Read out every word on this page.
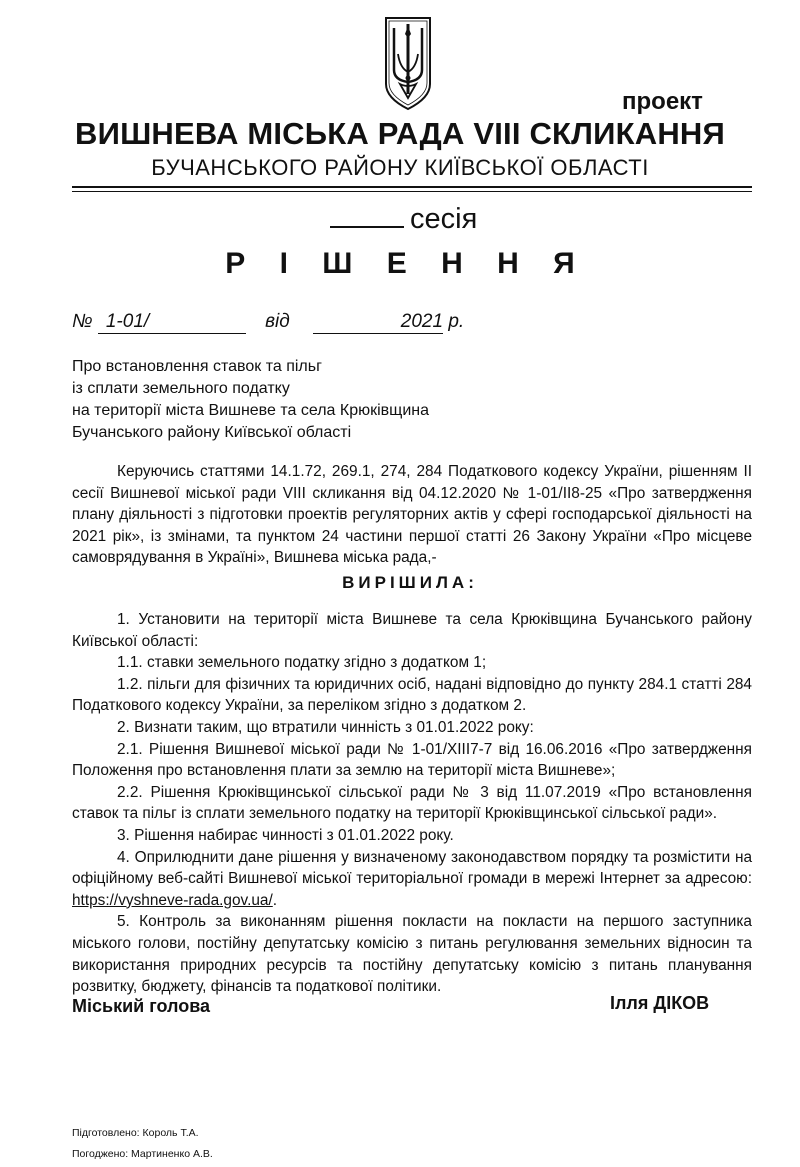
проект
ВИШНЕВА МІСЬКА РАДА VIII СКЛИКАННЯ
БУЧАНСЬКОГО РАЙОНУ КИЇВСЬКОЇ ОБЛАСТІ
сесія
Р І Ш Е Н Н Я
№ 1-01/	від	2021 р.
Про встановлення ставок та пільг
із сплати земельного податку
на території міста Вишневе та села Крюківщина
Бучанського району Київської області
Керуючись статтями 14.1.72, 269.1, 274, 284 Податкового кодексу України, рішенням ІІ сесії Вишневої міської ради VIII скликання від 04.12.2020 № 1-01/ІІ8-25 «Про затвердження плану діяльності з підготовки проектів регуляторних актів у сфері господарської діяльності на 2021 рік», із змінами, та пунктом 24 частини першої статті 26 Закону України «Про місцеве самоврядування в Україні», Вишнева міська рада,-
ВИРІШИЛА:

1. Установити на території міста Вишневе та села Крюківщина Бучанського району Київської області:

1.1. ставки земельного податку згідно з додатком 1;

1.2. пільги для фізичних та юридичних осіб, надані відповідно до пункту 284.1 статті 284 Податкового кодексу України, за переліком згідно з додатком 2.

2. Визнати таким, що втратили чинність з 01.01.2022 року:

2.1. Рішення Вишневої міської ради № 1-01/XIII7-7 від 16.06.2016 «Про затвердження Положення про встановлення плати за землю на території міста Вишневе»;

2.2. Рішення Крюківщинської сільської ради № 3 від 11.07.2019 «Про встановлення ставок та пільг із сплати земельного податку на території Крюківщинської сільської ради».

3. Рішення набирає чинності з 01.01.2022 року.

4. Оприлюднити дане рішення у визначеному законодавством порядку та розмістити на офіційному веб-сайті Вишневої міської територіальної громади в мережі Інтернет за адресою: https://vyshneve-rada.gov.ua/.

5. Контроль за виконанням рішення покласти на покласти на першого заступника міського голови, постійну депутатську комісію з питань регулювання земельних відносин та використання природних ресурсів та постійну депутатську комісію з питань планування розвитку, бюджету, фінансів та податкової політики.

Міський голова	Ілля ДІКОВ
Підготовлено: Король Т.А.
Погоджено: Мартиненко А.В.
